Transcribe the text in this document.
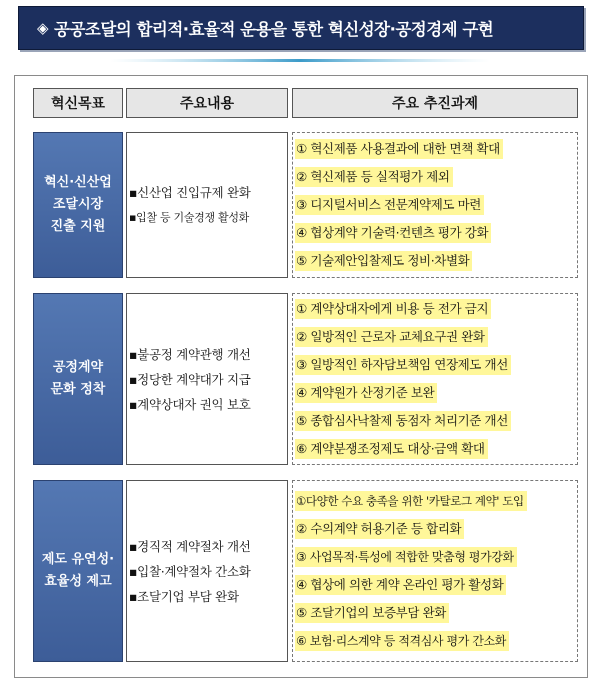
◈ 공공조달의 합리적·효율적 운용을 통한 혁신성장·공정경제 구현
혁신목표	주요내용	주요 추진과제
혁신·신산업
조달시장
진출 지원
▪신산업 진입규제 완화
▪입찰 등 기술경쟁 활성화
① 혁신제품 사용결과에 대한 면책 확대
② 혁신제품 등 실적평가 제외
③ 디지털서비스 전문계약제도 마련
④ 협상계약 기술력·컨텐츠 평가 강화
⑤ 기술제안입찰제도 정비·차별화
공정계약
문화 정착
▪불공정 계약관행 개선
▪정당한 계약대가 지급
▪계약상대자 권익 보호
① 계약상대자에게 비용 등 전가 금지
② 일방적인 근로자 교체요구권 완화
③ 일방적인 하자담보책임 연장제도 개선
④ 계약원가 산정기준 보완
⑤ 종합심사낙찰제 동점자 처리기준 개선
⑥ 계약분쟁조정제도 대상·금액 확대
제도 유연성·
효율성 제고
▪경직적 계약절차 개선
▪입찰·계약절차 간소화
▪조달기업 부담 완화
①다양한 수요 충족을 위한 '카탈로그 계약' 도입
② 수의계약 허용기준 등 합리화
③ 사업목적·특성에 적합한 맞춤형 평가강화
④ 협상에 의한 계약 온라인 평가 활성화
⑤ 조달기업의 보증부담 완화
⑥ 보험·리스계약 등 적격심사 평가 간소화
